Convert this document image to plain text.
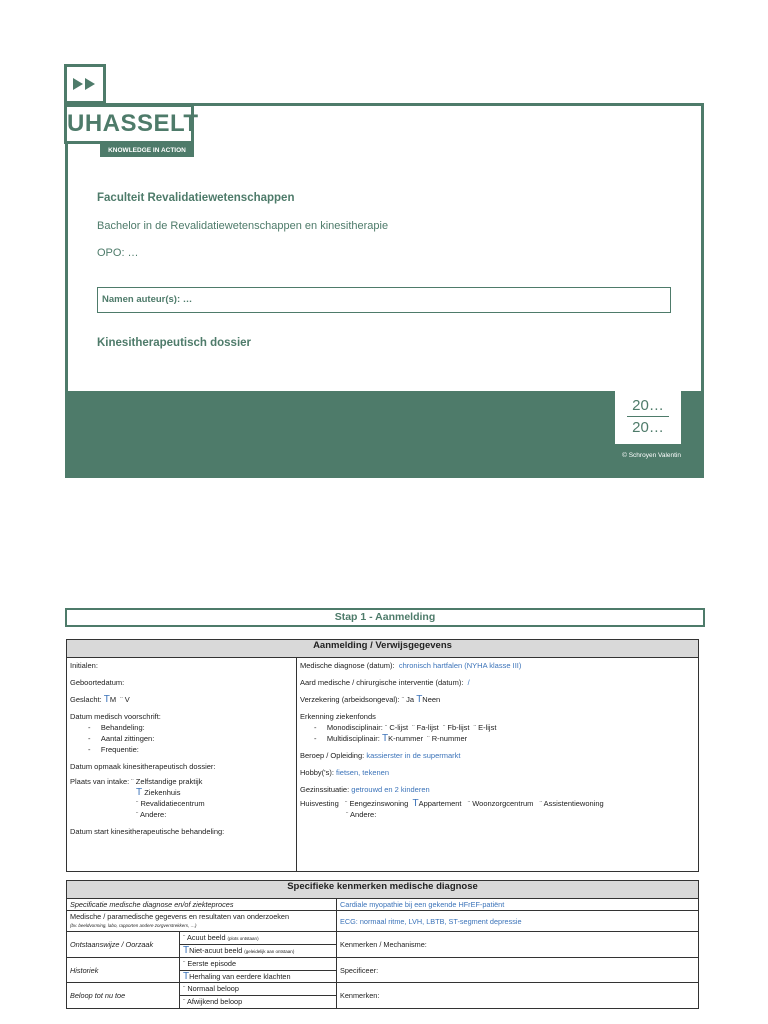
UHASSELT
KNOWLEDGE IN ACTION
Faculteit Revalidatiewetenschappen
Bachelor in de Revalidatiewetenschappen en kinesitherapie
OPO: …
Namen auteur(s): …
Kinesitherapeutisch dossier
20…
20…
© Schroyen Valentin
Stap 1 - Aanmelding
Aanmelding / Verwijsgegevens

Initialen:
Geboortedatum:
Geslacht: TM ¨ V
Datum medisch voorschrift:
-     Behandeling:
-     Aantal zittingen:
-     Frequentie:
Datum opmaak kinesitherapeutisch dossier:
Plaats van intake: ¨ Zelfstandige praktijk
T Ziekenhuis
¨ Revalidatiecentrum
¨ Andere:
Datum start kinesitherapeutische behandeling:

Medische diagnose (datum): chronisch hartfalen (NYHA klasse III)
Aard medische / chirurgische interventie (datum): /
Verzekering (arbeidsongeval): ¨ Ja TNeen
Erkenning ziekenfonds
-     Monodisciplinair: ¨ C-lijst ¨ Fa-lijst ¨ Fb-lijst ¨ E-lijst
-     Multidisciplinair: TK-nummer ¨ R-nummer
Beroep / Opleiding: kassierster in de supermarkt
Hobby('s): fietsen, tekenen
Gezinssituatie: getrouwd en 2 kinderen
Huisvesting ¨ Eengezinswoning TAppartement ¨ Woonzorgcentrum ¨ Assistentiewoning
¨ Andere:
Specifieke kenmerken medische diagnose		
Specificatie medische diagnose en/of ziekteproces		Cardiale myopathie bij een gekende HFrEF-patiënt

Medische / paramedische gegevens en resultaten van onderzoeken
(bv. beeldvorming, labo, rapporten andere zorgverstrekkers, …)		ECG: normaal ritme, LVH, LBTB, ST-segment depressie
Ontstaanswijze / Oorzaak	¨ Acuut beeld (plots ontstaan)	Kenmerken / Mechanisme:
	TNiet-acuut beeld (geleidelijk aan ontstaan)	
Historiek	¨ Eerste episode	Specificeer:
	THerhaling van eerdere klachten	
Beloop tot nu toe	¨ Normaal beloop	Kenmerken:
	¨ Afwijkend beloop	
